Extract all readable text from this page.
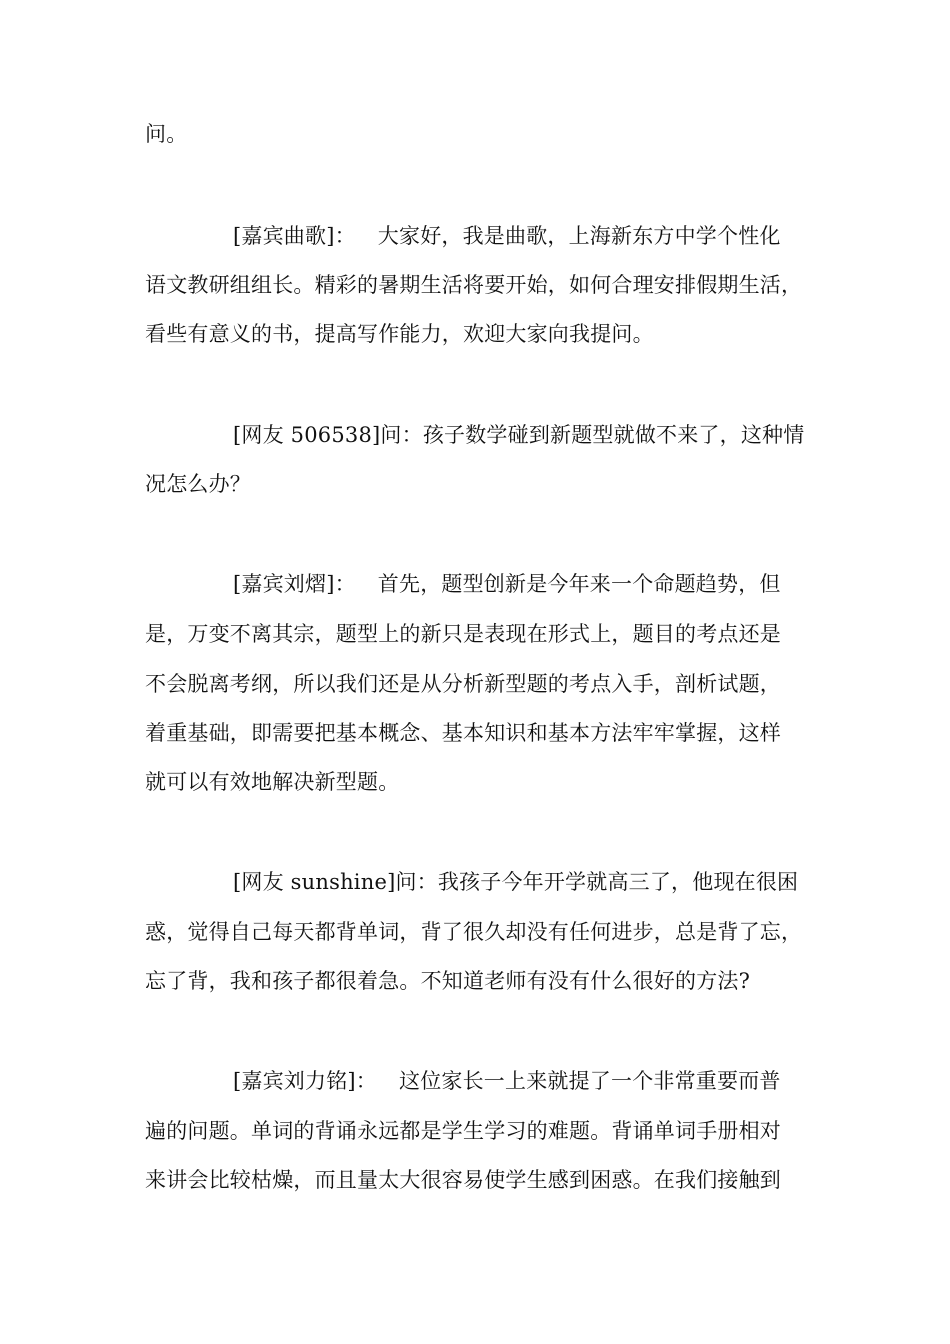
问。
[嘉宾曲歌]： 大家好，我是曲歌，上海新东方中学个性化
语文教研组组长。精彩的暑期生活将要开始，如何合理安排假期生活，
看些有意义的书，提高写作能力，欢迎大家向我提问。
[网友 506538]问：孩子数学碰到新题型就做不来了，这种情
况怎么办？
[嘉宾刘熠]： 首先，题型创新是今年来一个命题趋势，但
是，万变不离其宗，题型上的新只是表现在形式上，题目的考点还是
不会脱离考纲，所以我们还是从分析新型题的考点入手，剖析试题，
着重基础，即需要把基本概念、基本知识和基本方法牢牢掌握，这样
就可以有效地解决新型题。
[网友 sunshine]问：我孩子今年开学就高三了，他现在很困
惑，觉得自己每天都背单词，背了很久却没有任何进步，总是背了忘，
忘了背，我和孩子都很着急。不知道老师有没有什么很好的方法?
[嘉宾刘力铭]： 这位家长一上来就提了一个非常重要而普
遍的问题。单词的背诵永远都是学生学习的难题。背诵单词手册相对
来讲会比较枯燥，而且量太大很容易使学生感到困惑。在我们接触到
